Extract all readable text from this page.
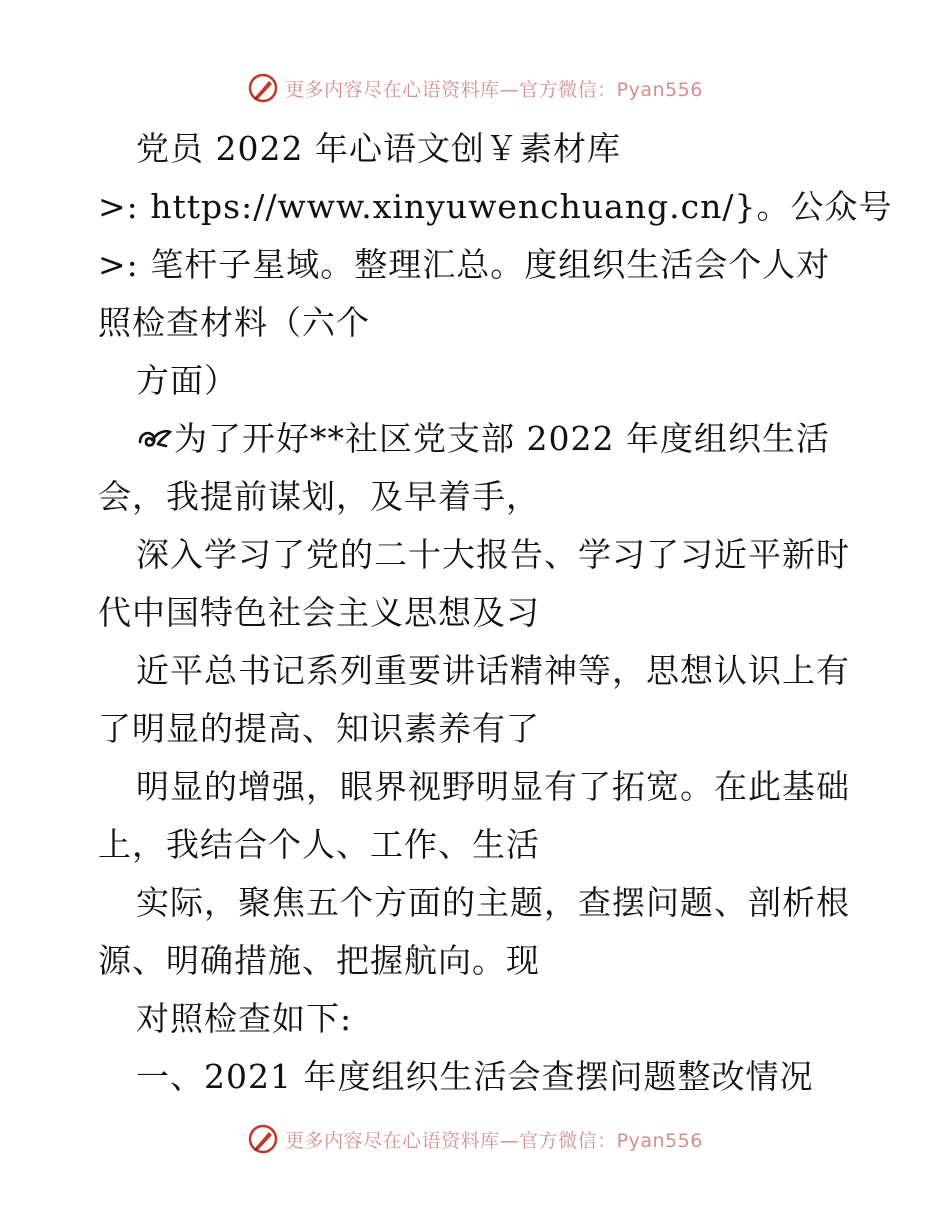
更多内容尽在心语资料库—官方微信：Pyan556
党员 2022 年心语文创￥素材库
>: https://www.xinyuwenchuang.cn/}。公众号
>: 笔杆子星域。整理汇总。度组织生活会个人对
照检查材料（六个
方面）
为了开好**社区党支部 2022 年度组织生活
会，我提前谋划，及早着手，
深入学习了党的二十大报告、学习了习近平新时
代中国特色社会主义思想及习
近平总书记系列重要讲话精神等，思想认识上有
了明显的提高、知识素养有了
明显的增强，眼界视野明显有了拓宽。在此基础
上，我结合个人、工作、生活
实际，聚焦五个方面的主题，查摆问题、剖析根
源、明确措施、把握航向。现
对照检查如下:
一、2021 年度组织生活会查摆问题整改情况
更多内容尽在心语资料库—官方微信：Pyan556
